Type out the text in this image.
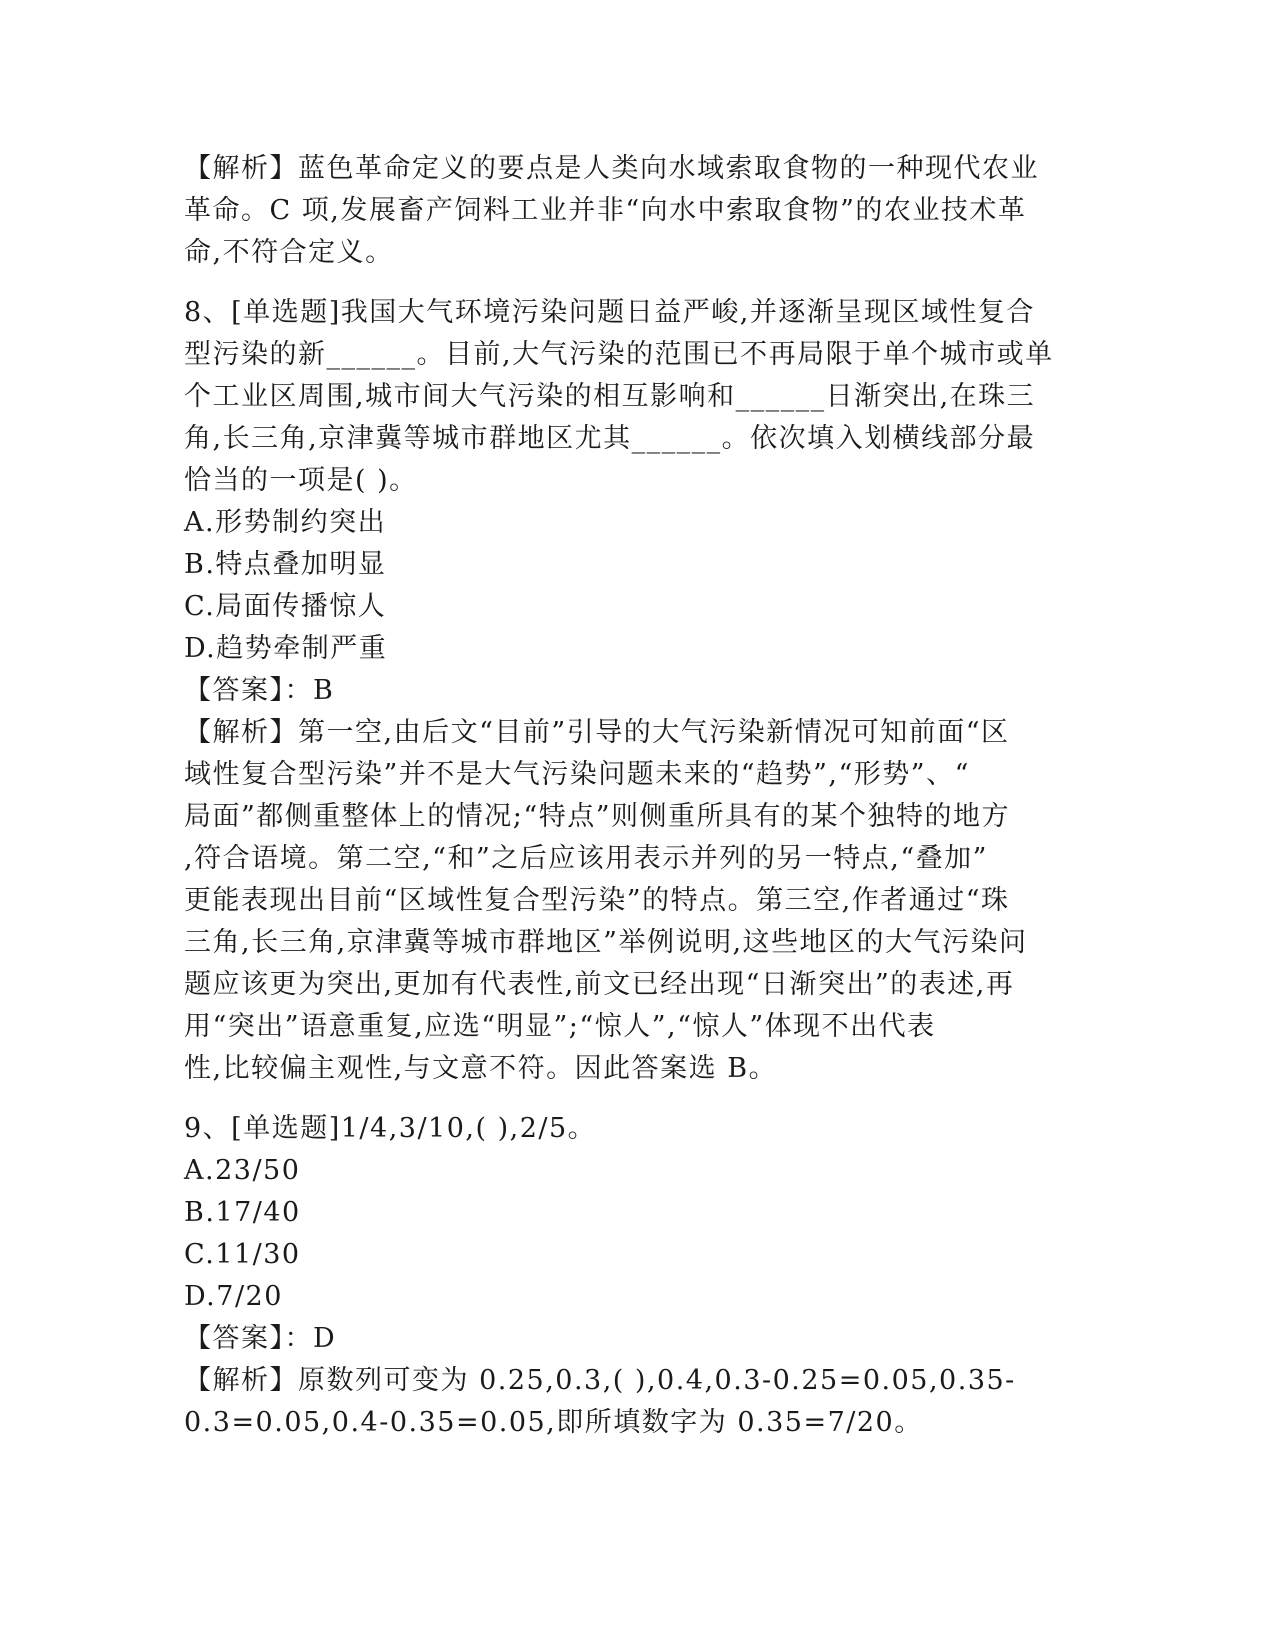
【解析】蓝色革命定义的要点是人类向水域索取食物的一种现代农业
革命。C 项,发展畜产饲料工业并非“向水中索取食物”的农业技术革
命,不符合定义。
8、[单选题]我国大气环境污染问题日益严峻,并逐渐呈现区域性复合
型污染的新______。目前,大气污染的范围已不再局限于单个城市或单
个工业区周围,城市间大气污染的相互影响和______日渐突出,在珠三
角,长三角,京津冀等城市群地区尤其______。依次填入划横线部分最
恰当的一项是( )。
A.形势制约突出
B.特点叠加明显
C.局面传播惊人
D.趋势牵制严重
【答案】：B
【解析】第一空,由后文“目前”引导的大气污染新情况可知前面“区
域性复合型污染”并不是大气污染问题未来的“趋势”,“形势”、“
局面”都侧重整体上的情况;“特点”则侧重所具有的某个独特的地方
,符合语境。第二空,“和”之后应该用表示并列的另一特点,“叠加”
更能表现出目前“区域性复合型污染”的特点。第三空,作者通过“珠
三角,长三角,京津冀等城市群地区”举例说明,这些地区的大气污染问
题应该更为突出,更加有代表性,前文已经出现“日渐突出”的表述,再
用“突出”语意重复,应选“明显”;“惊人”,“惊人”体现不出代表
性,比较偏主观性,与文意不符。因此答案选 B。
9、[单选题]1/4,3/10,( ),2/5。
A.23/50
B.17/40
C.11/30
D.7/20
【答案】：D
【解析】原数列可变为 0.25,0.3,( ),0.4,0.3-0.25=0.05,0.35-
0.3=0.05,0.4-0.35=0.05,即所填数字为 0.35=7/20。
